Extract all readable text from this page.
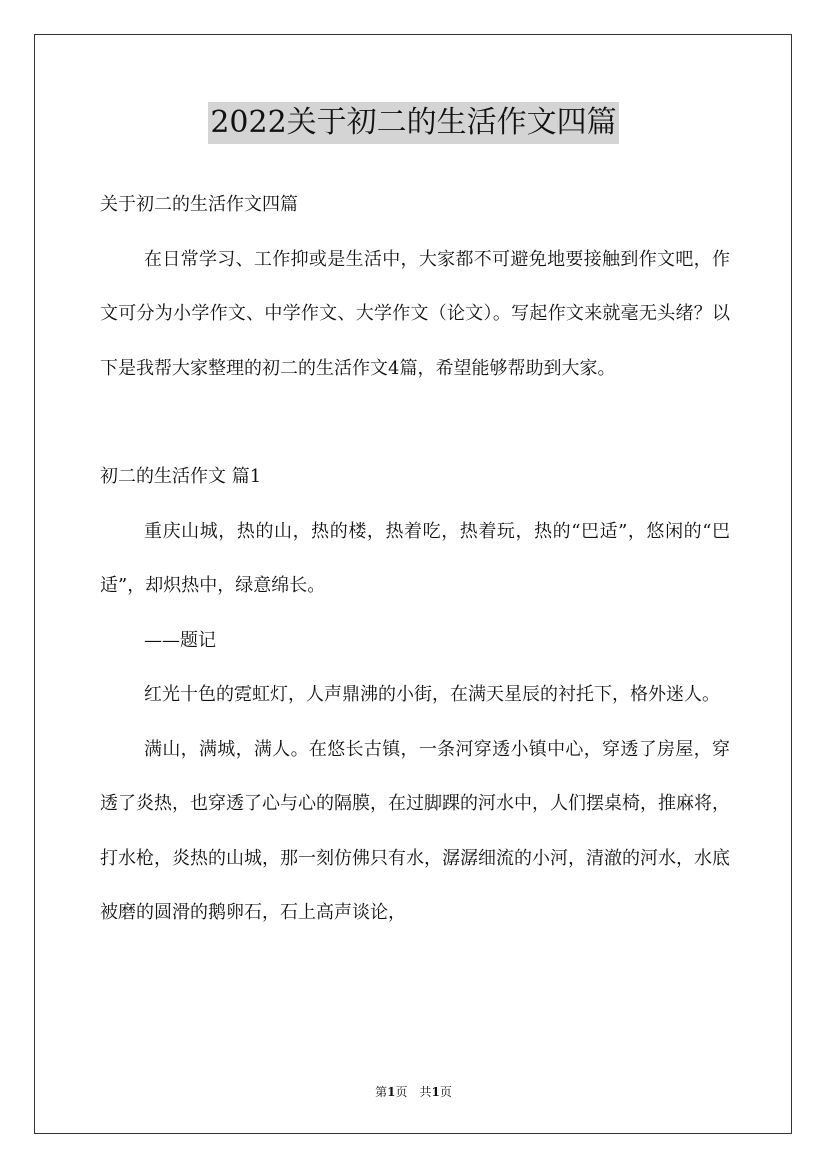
2022关于初二的生活作文四篇

关于初二的生活作文四篇

在日常学习、工作抑或是生活中，大家都不可避免地要接触到作文吧，作文可分为小学作文、中学作文、大学作文（论文）。写起作文来就毫无头绪？以下是我帮大家整理的初二的生活作文4篇，希望能够帮助到大家。

初二的生活作文 篇1

重庆山城，热的山，热的楼，热着吃，热着玩，热的“巴适”，悠闲的“巴适”，却炽热中，绿意绵长。

——题记

红光十色的霓虹灯，人声鼎沸的小街，在满天星辰的衬托下，格外迷人。

满山，满城，满人。在悠长古镇，一条河穿透小镇中心，穿透了房屋，穿透了炎热，也穿透了心与心的隔膜，在过脚踝的河水中，人们摆桌椅，推麻将，打水枪，炎热的山城，那一刻仿佛只有水，潺潺细流的小河，清澈的河水，水底被磨的圆滑的鹅卵石，石上高声谈论，

第1页　共1页
